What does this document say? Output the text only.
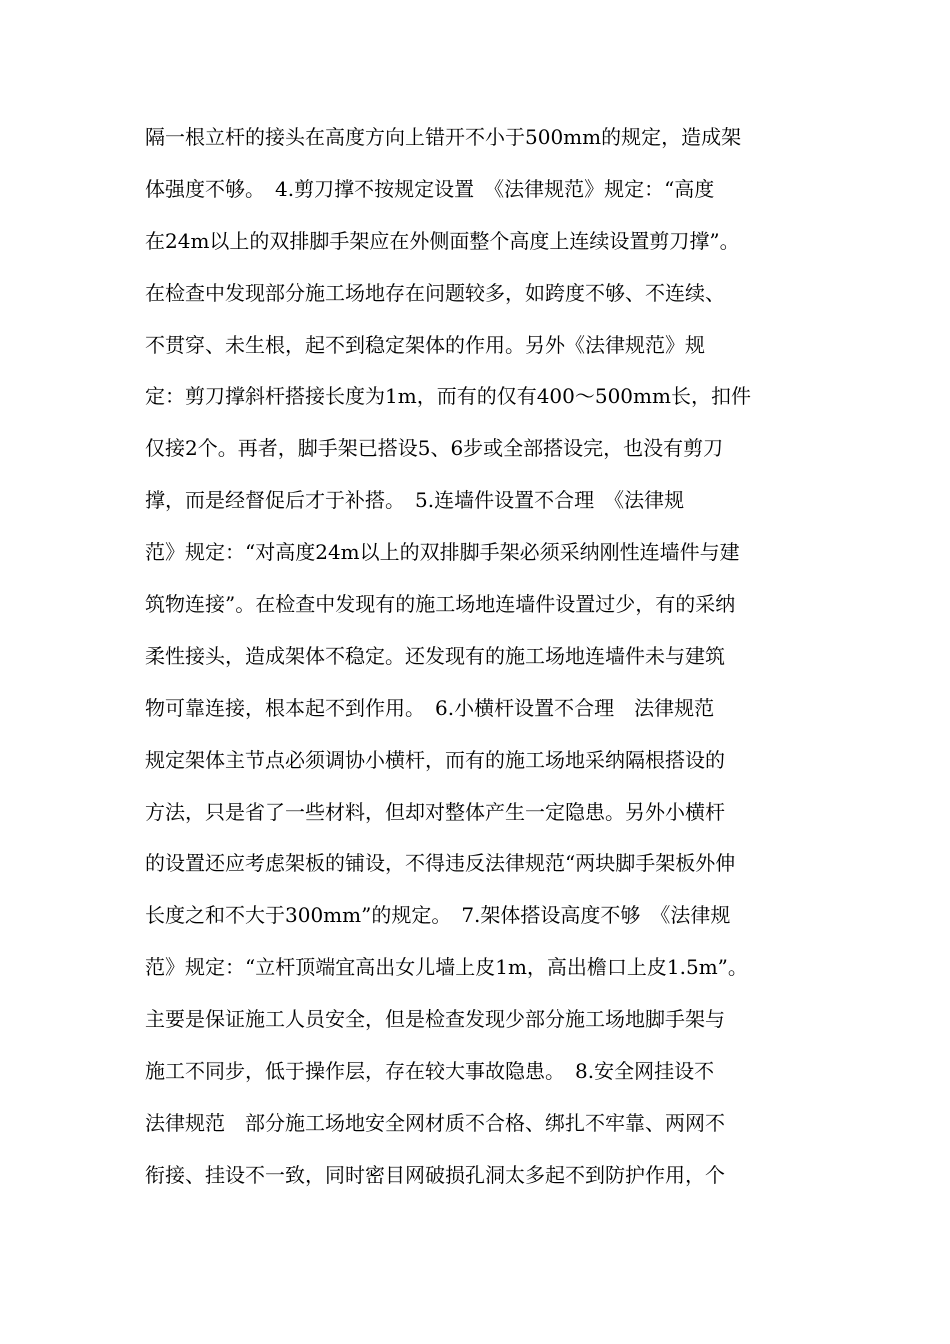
隔一根立杆的接头在高度方向上错开不小于500mm的规定，造成架
体强度不够。　4.剪刀撑不按规定设置　《法律规范》规定：“高度
在24m以上的双排脚手架应在外侧面整个高度上连续设置剪刀撑”。
在检查中发现部分施工场地存在问题较多，如跨度不够、不连续、
不贯穿、未生根，起不到稳定架体的作用。另外《法律规范》规
定：剪刀撑斜杆搭接长度为1m，而有的仅有400～500mm长，扣件
仅接2个。再者，脚手架已搭设5、6步或全部搭设完，也没有剪刀
撑，而是经督促后才于补搭。　5.连墙件设置不合理　《法律规
范》规定：“对高度24m以上的双排脚手架必须采纳刚性连墙件与建
筑物连接”。在检查中发现有的施工场地连墙件设置过少，有的采纳
柔性接头，造成架体不稳定。还发现有的施工场地连墙件未与建筑
物可靠连接，根本起不到作用。　6.小横杆设置不合理　法律规范
规定架体主节点必须调协小横杆，而有的施工场地采纳隔根搭设的
方法，只是省了一些材料，但却对整体产生一定隐患。另外小横杆
的设置还应考虑架板的铺设，不得违反法律规范“两块脚手架板外伸
长度之和不大于300mm”的规定。　7.架体搭设高度不够　《法律规
范》规定：“立杆顶端宜高出女儿墙上皮1m，高出檐口上皮1.5m”。
主要是保证施工人员安全，但是检查发现少部分施工场地脚手架与
施工不同步，低于操作层，存在较大事故隐患。　8.安全网挂设不
法律规范　部分施工场地安全网材质不合格、绑扎不牢靠、两网不
衔接、挂设不一致，同时密目网破损孔洞太多起不到防护作用，个
